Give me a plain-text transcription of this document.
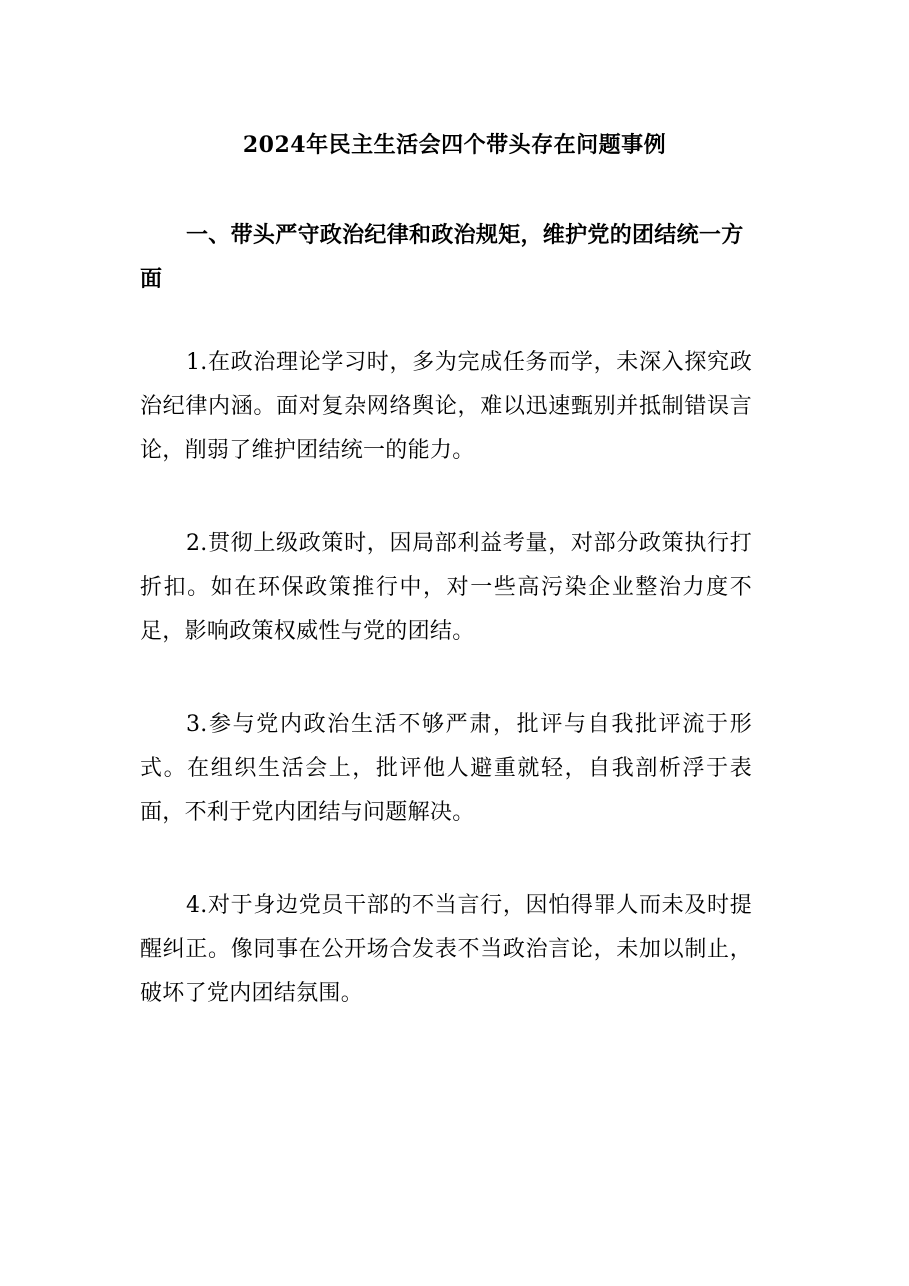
2024年民主生活会四个带头存在问题事例

一、带头严守政治纪律和政治规矩，维护党的团结统一方面

1.在政治理论学习时，多为完成任务而学，未深入探究政治纪律内涵。面对复杂网络舆论，难以迅速甄别并抵制错误言论，削弱了维护团结统一的能力。

2.贯彻上级政策时，因局部利益考量，对部分政策执行打折扣。如在环保政策推行中，对一些高污染企业整治力度不足，影响政策权威性与党的团结。

3.参与党内政治生活不够严肃，批评与自我批评流于形式。在组织生活会上，批评他人避重就轻，自我剖析浮于表面，不利于党内团结与问题解决。

4.对于身边党员干部的不当言行，因怕得罪人而未及时提醒纠正。像同事在公开场合发表不当政治言论，未加以制止，破坏了党内团结氛围。
